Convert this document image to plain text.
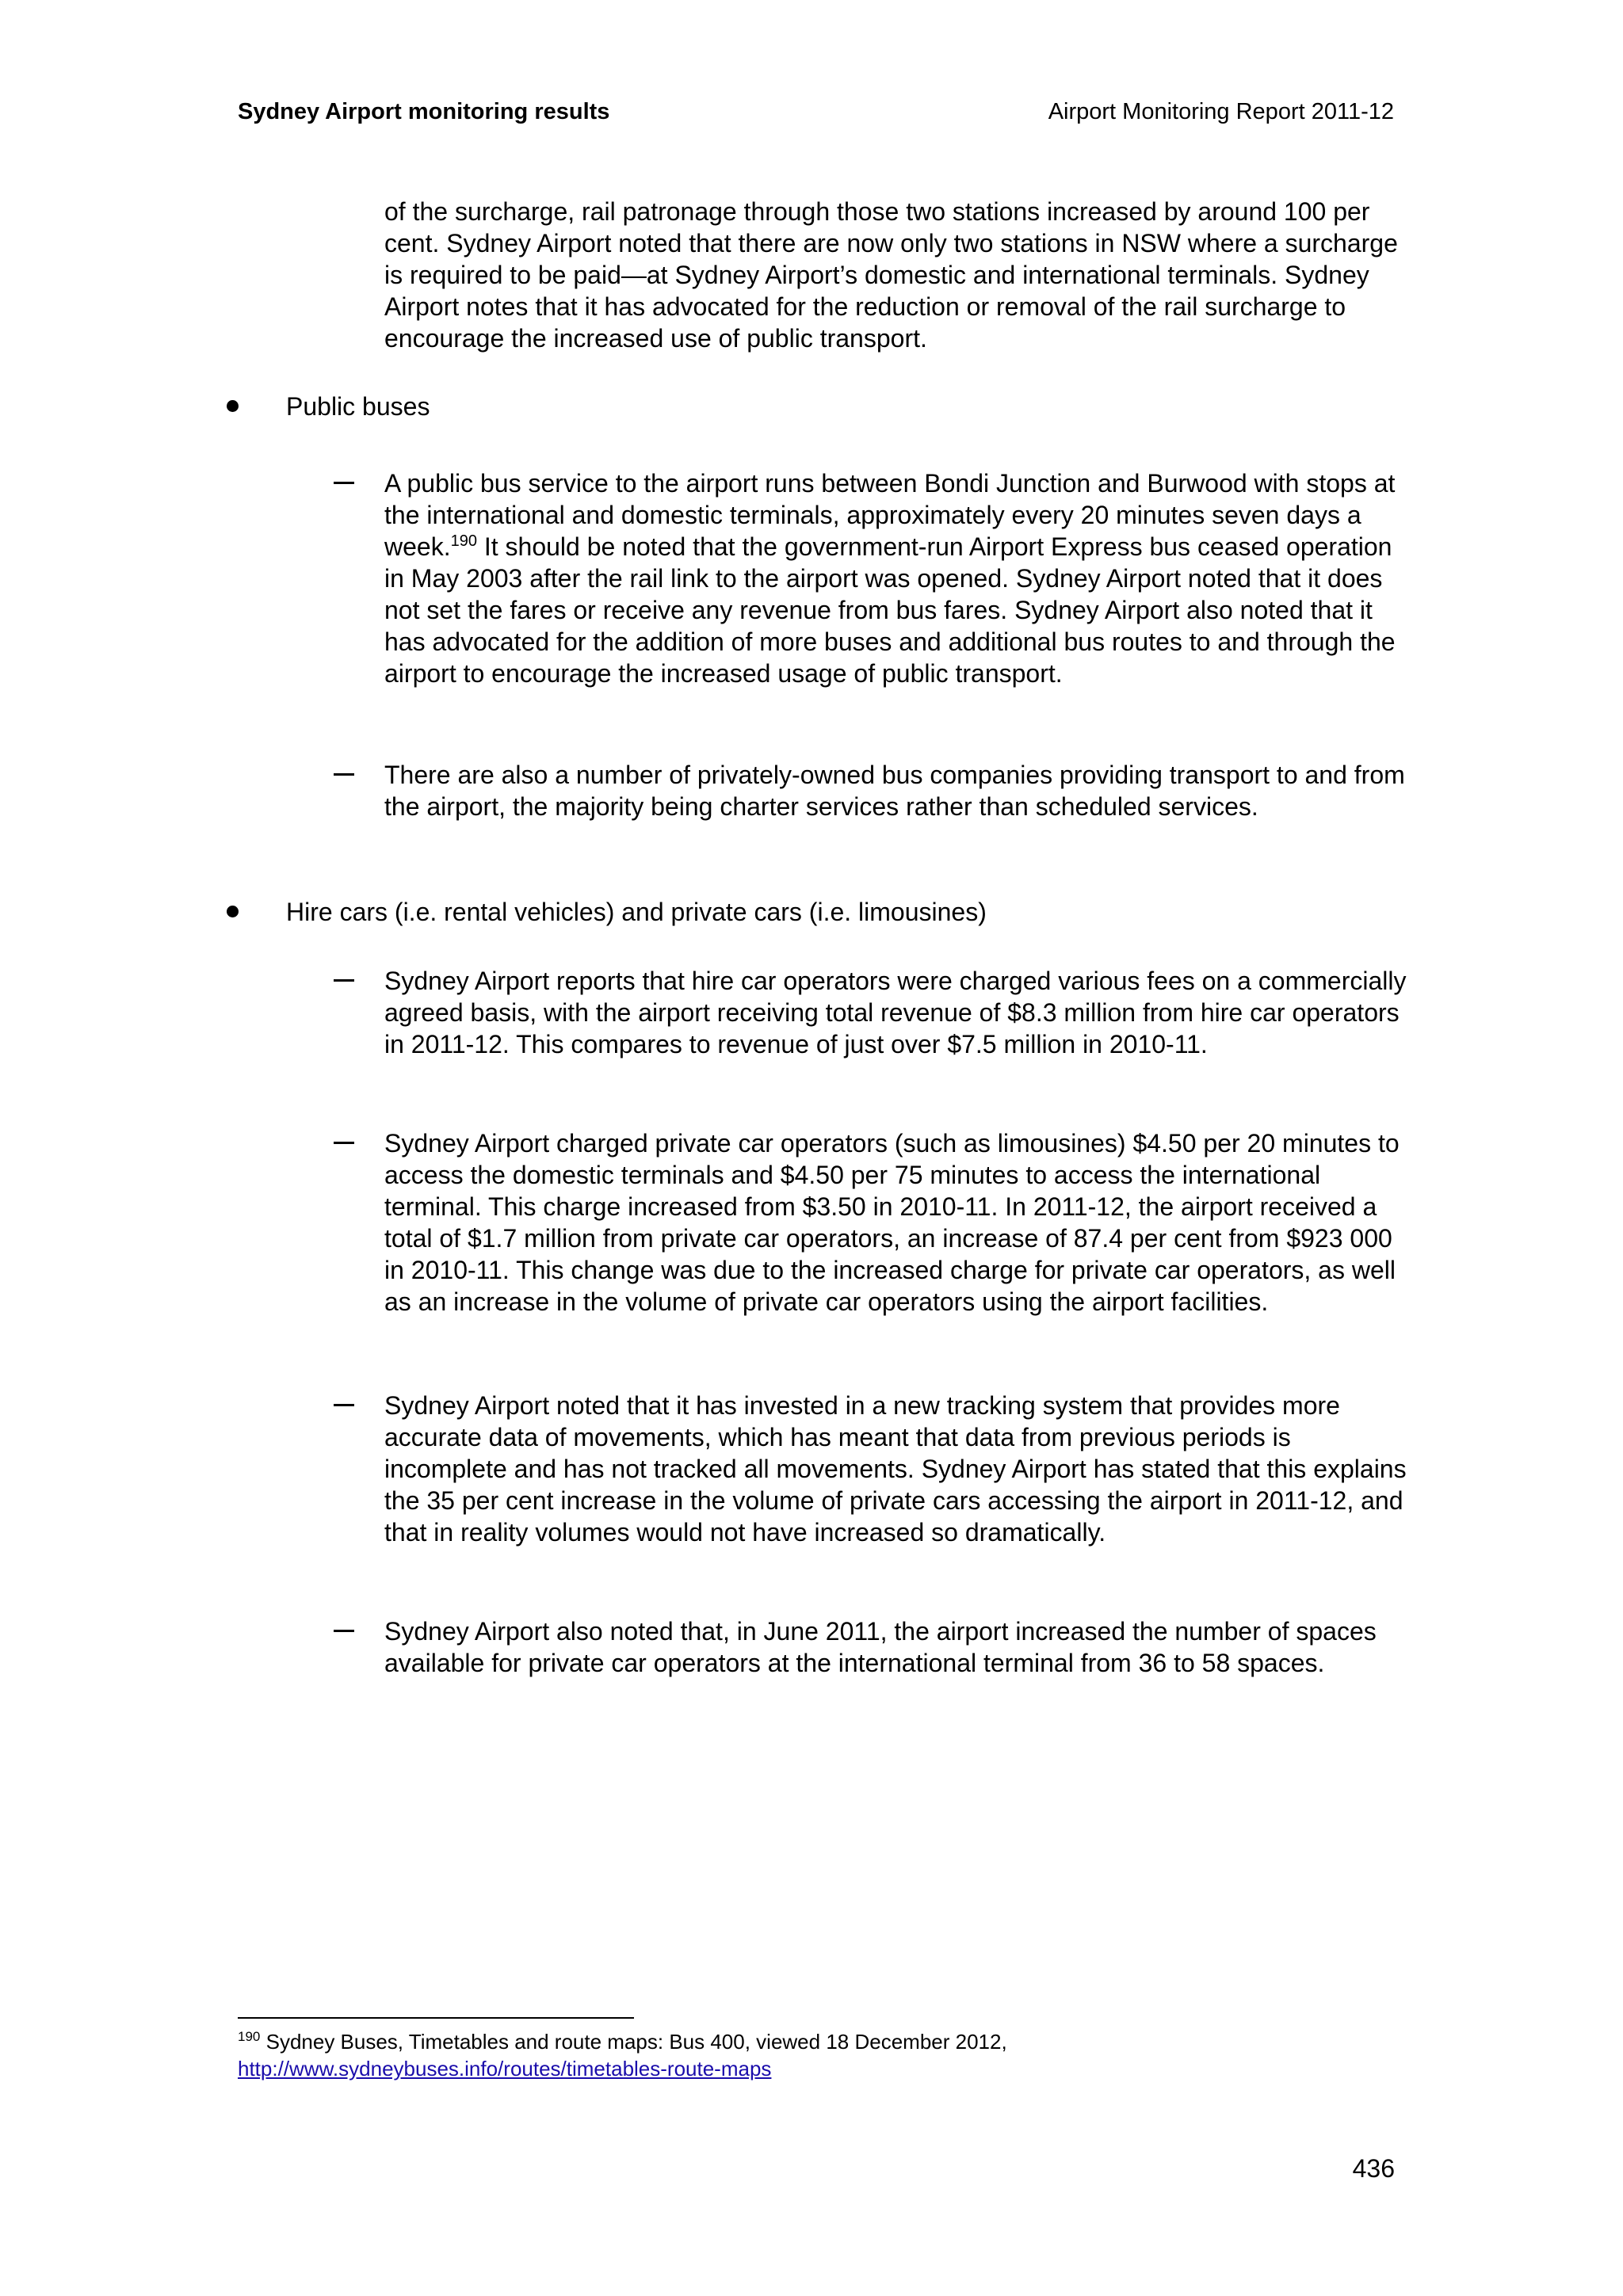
Sydney Airport monitoring results	Airport Monitoring Report 2011-12

of the surcharge, rail patronage through those two stations increased by around 100 per cent. Sydney Airport noted that there are now only two stations in NSW where a surcharge is required to be paid—at Sydney Airport’s domestic and international terminals. Sydney Airport notes that it has advocated for the reduction or removal of the rail surcharge to encourage the increased use of public transport.

Public buses

A public bus service to the airport runs between Bondi Junction and Burwood with stops at the international and domestic terminals, approximately every 20 minutes seven days a week.$^{190}$ It should be noted that the government-run Airport Express bus ceased operation in May 2003 after the rail link to the airport was opened. Sydney Airport noted that it does not set the fares or receive any revenue from bus fares. Sydney Airport also noted that it has advocated for the addition of more buses and additional bus routes to and through the airport to encourage the increased usage of public transport.

There are also a number of privately-owned bus companies providing transport to and from the airport, the majority being charter services rather than scheduled services.

Hire cars (i.e. rental vehicles) and private cars (i.e. limousines)

Sydney Airport reports that hire car operators were charged various fees on a commercially agreed basis, with the airport receiving total revenue of $8.3 million from hire car operators in 2011-12. This compares to revenue of just over $7.5 million in 2010-11.

Sydney Airport charged private car operators (such as limousines) $4.50 per 20 minutes to access the domestic terminals and $4.50 per 75 minutes to access the international terminal. This charge increased from $3.50 in 2010-11. In 2011-12, the airport received a total of $1.7 million from private car operators, an increase of 87.4 per cent from $923 000 in 2010-11. This change was due to the increased charge for private car operators, as well as an increase in the volume of private car operators using the airport facilities.

Sydney Airport noted that it has invested in a new tracking system that provides more accurate data of movements, which has meant that data from previous periods is incomplete and has not tracked all movements. Sydney Airport has stated that this explains the 35 per cent increase in the volume of private cars accessing the airport in 2011-12, and that in reality volumes would not have increased so dramatically.

Sydney Airport also noted that, in June 2011, the airport increased the number of spaces available for private car operators at the international terminal from 36 to 58 spaces.

$^{190}$ Sydney Buses, Timetables and route maps: Bus 400, viewed 18 December 2012,
http://www.sydneybuses.info/routes/timetables-route-maps
436
